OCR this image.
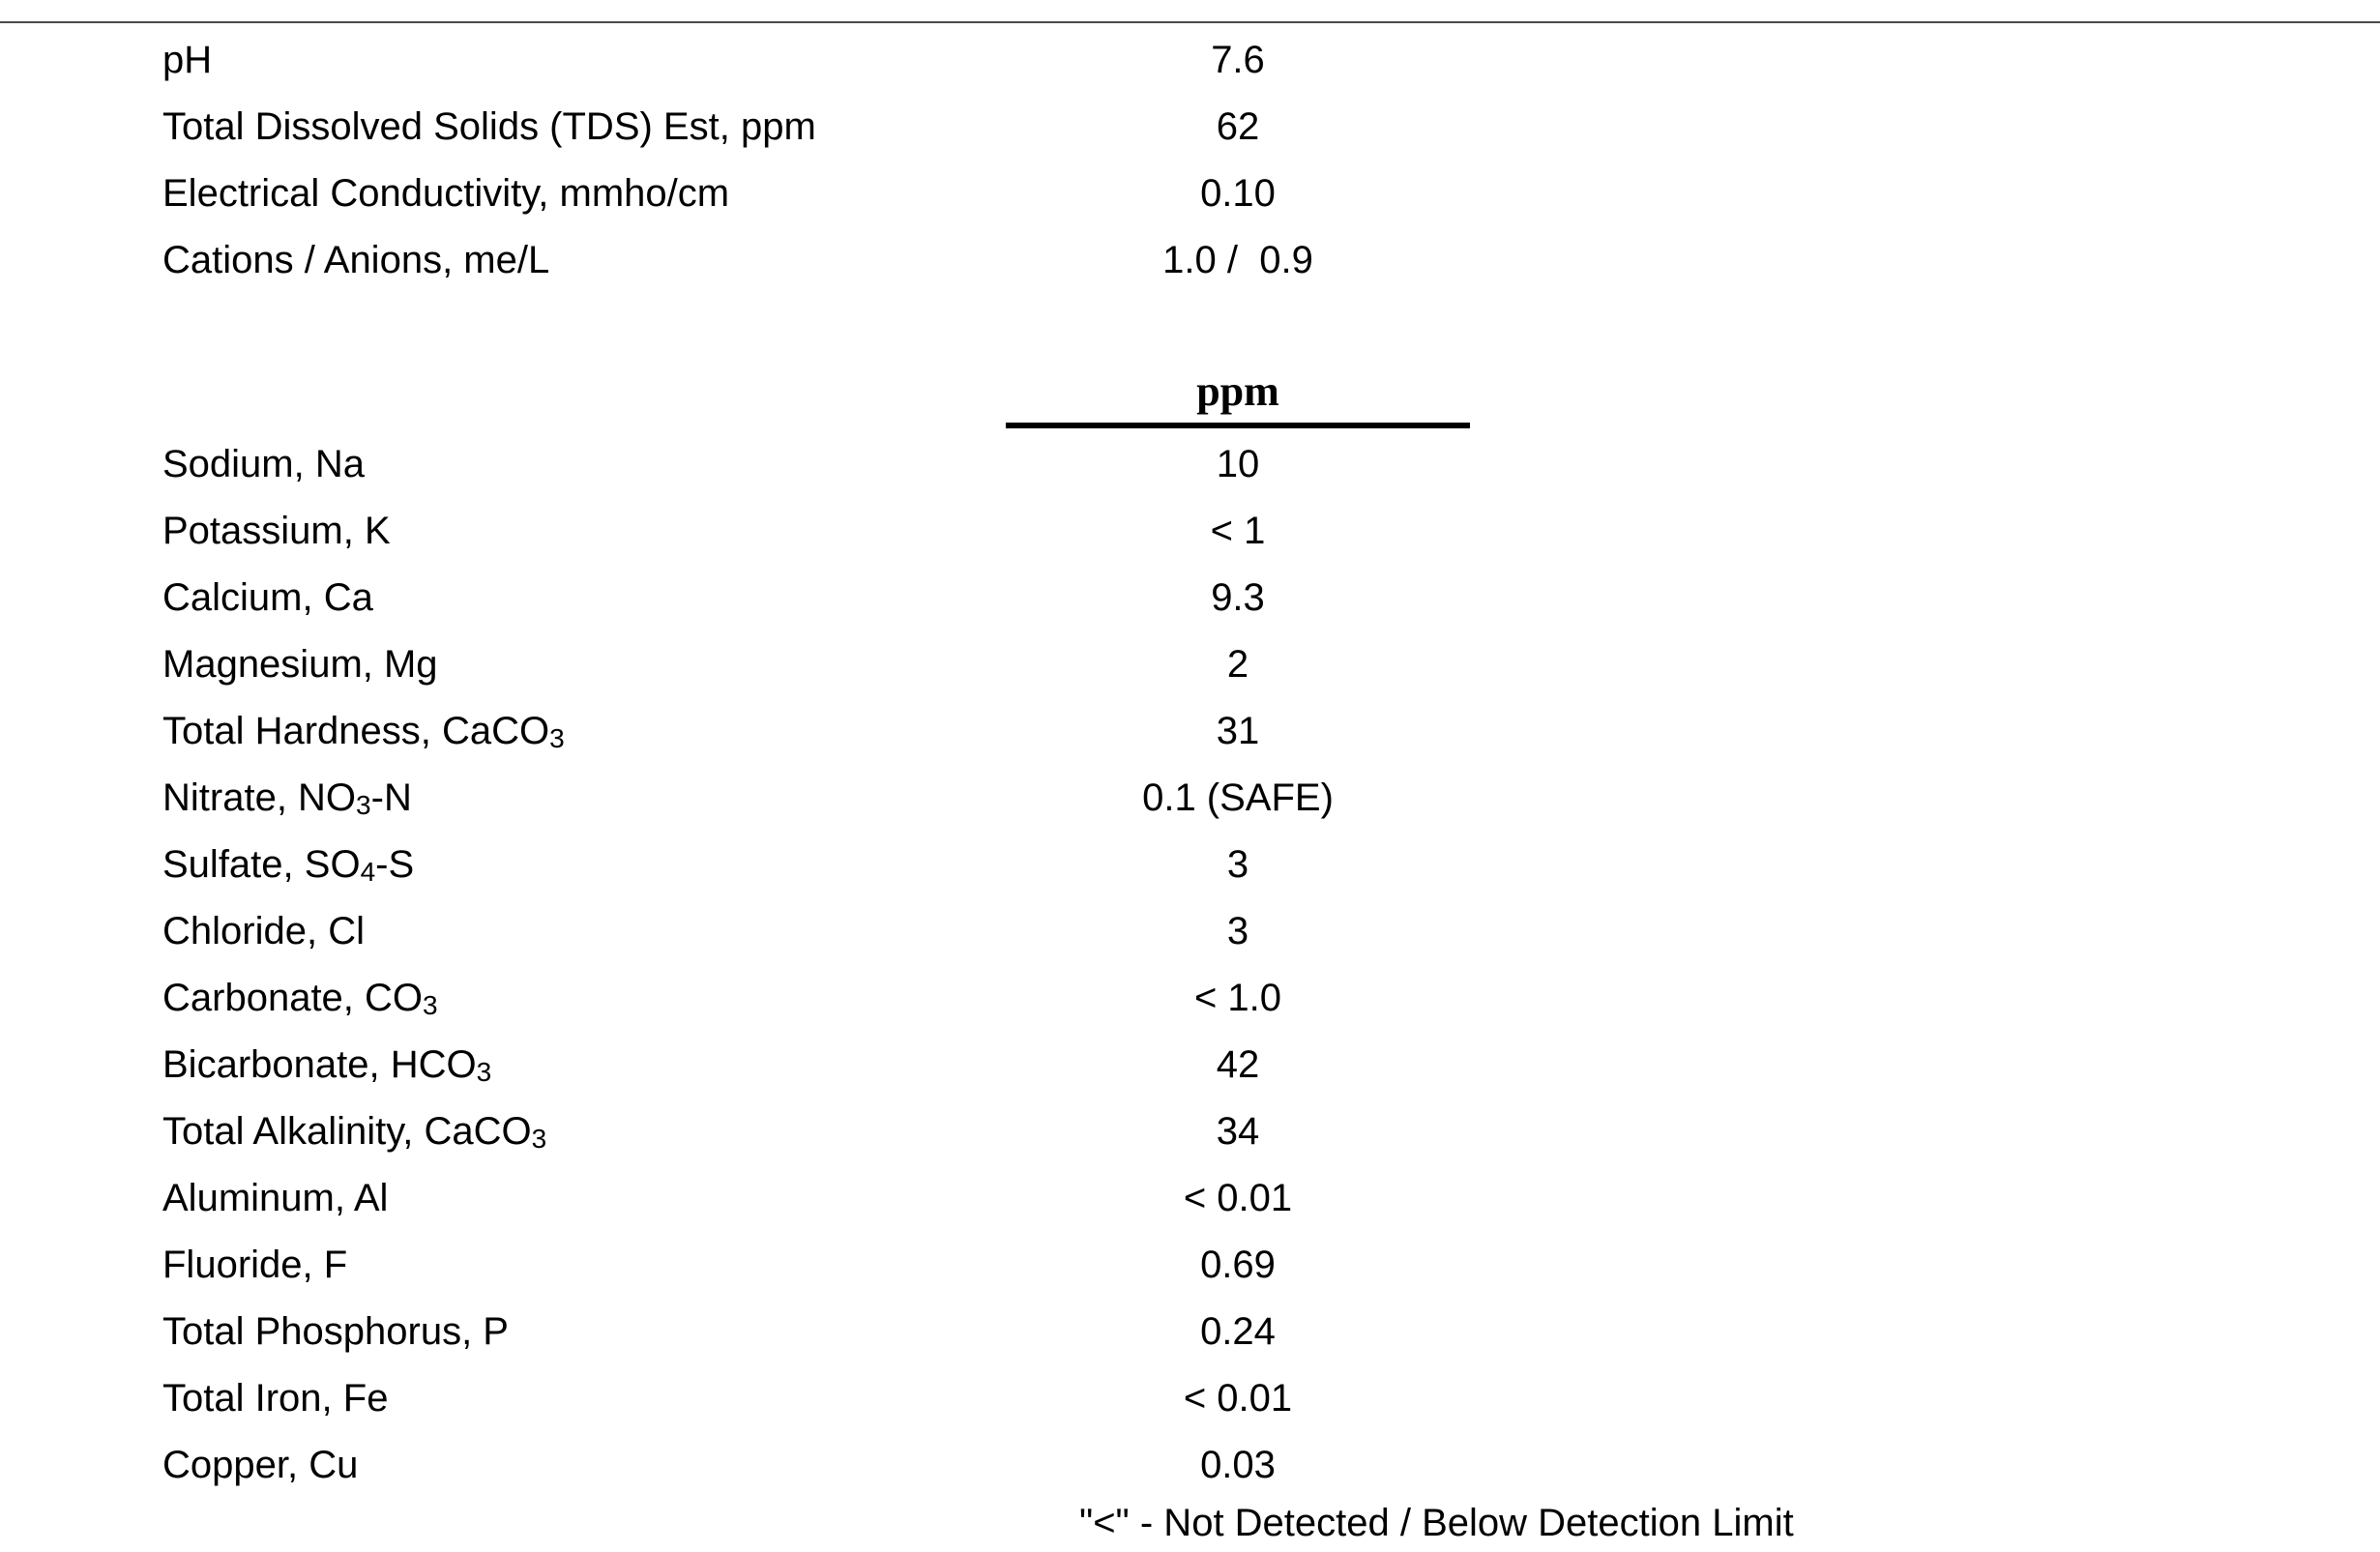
pH	7.6
Total Dissolved Solids (TDS) Est, ppm	62
Electrical Conductivity, mmho/cm	0.10
Cations / Anions, me/L	1.0 /  0.9
ppm
Sodium, Na	10
Potassium, K	< 1
Calcium, Ca	9.3
Magnesium, Mg	2
Total Hardness, CaCO3	31
Nitrate, NO3-N	0.1 (SAFE)
Sulfate, SO4-S	3
Chloride, Cl	3
Carbonate, CO3	< 1.0
Bicarbonate, HCO3	42
Total Alkalinity, CaCO3	34
Aluminum, Al	< 0.01
Fluoride, F	0.69
Total Phosphorus, P	0.24
Total Iron, Fe	< 0.01
Copper, Cu	0.03
"<" - Not Detected / Below Detection Limit
